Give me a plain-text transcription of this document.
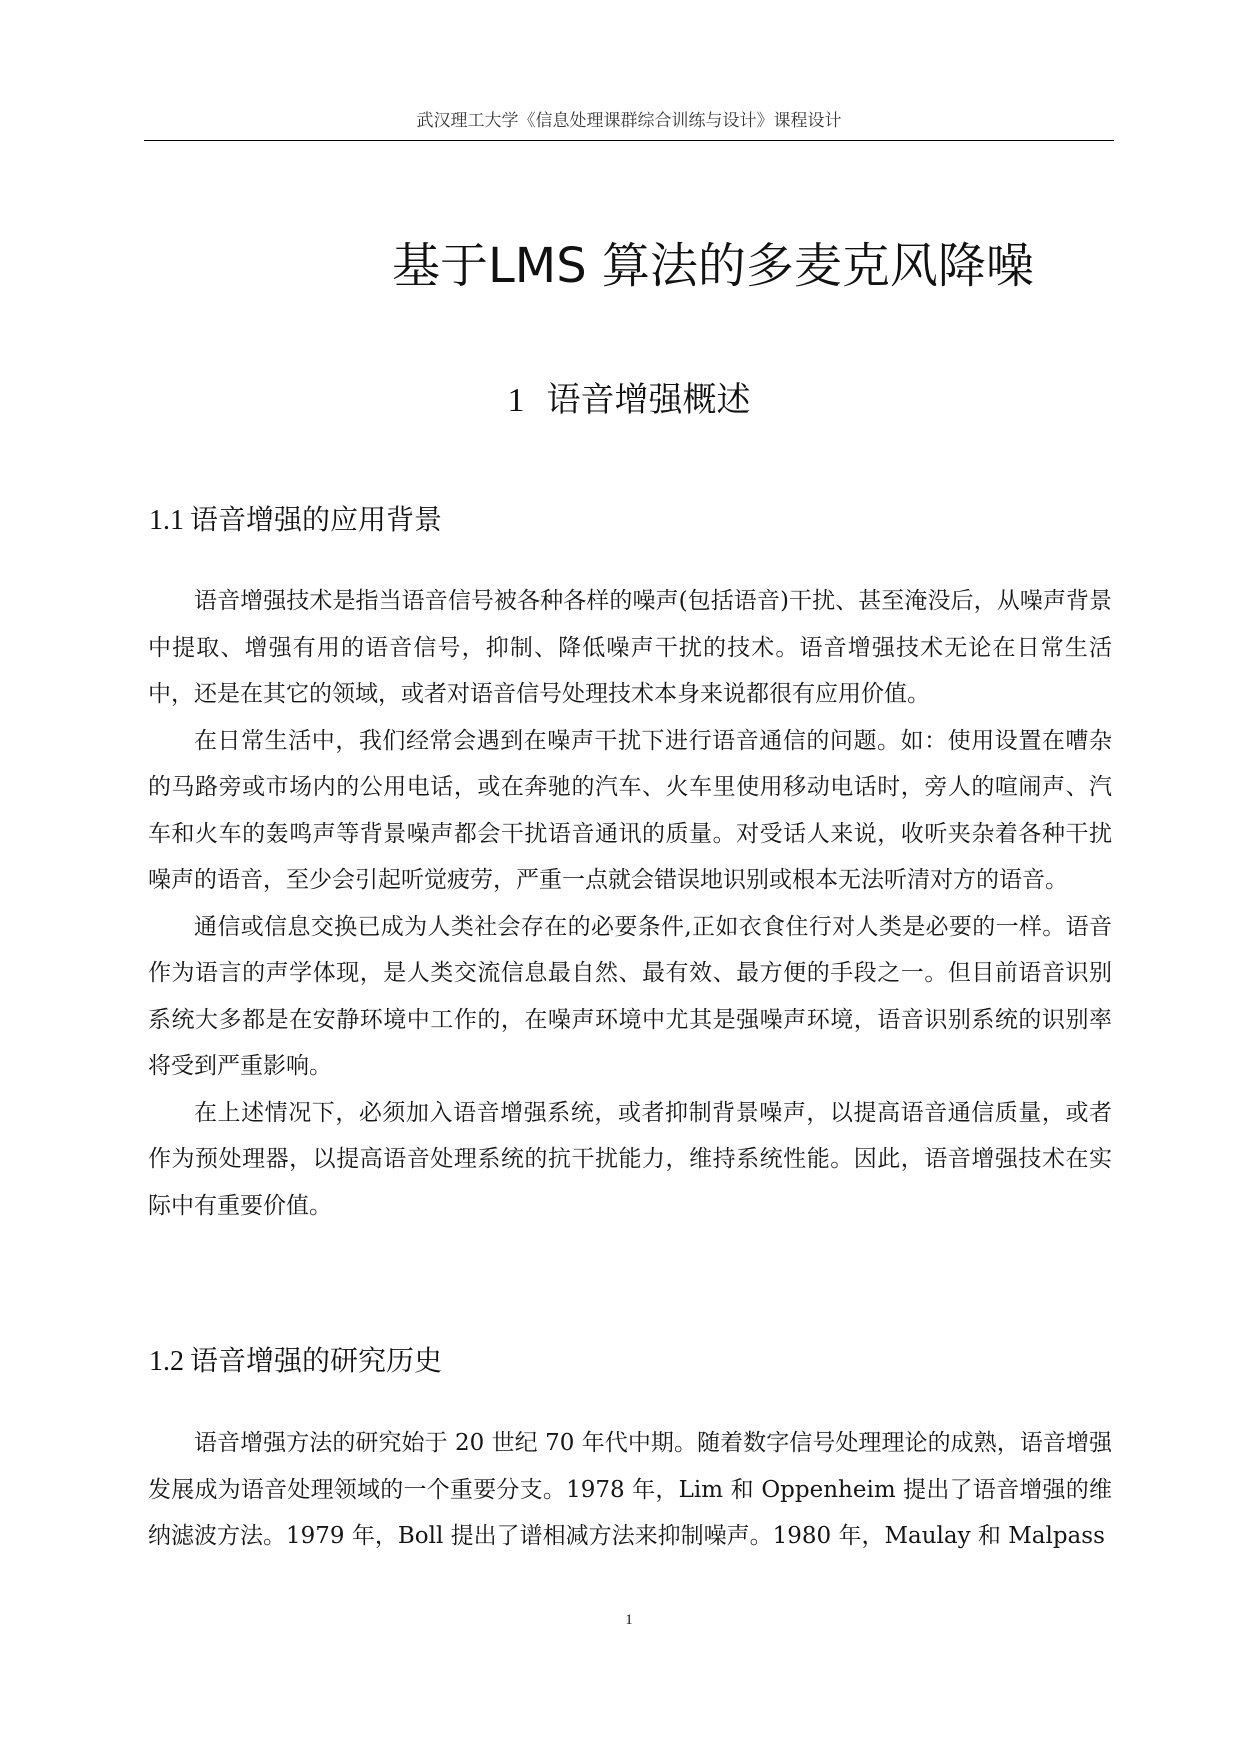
武汉理工大学《信息处理课群综合训练与设计》课程设计
基于LMS 算法的多麦克风降噪
1 语音增强概述
1.1 语音增强的应用背景

语音增强技术是指当语音信号被各种各样的噪声(包括语音)干扰、甚至淹没后，从噪声背景中提取、增强有用的语音信号，抑制、降低噪声干扰的技术。语音增强技术无论在日常生活中，还是在其它的领域，或者对语音信号处理技术本身来说都很有应用价值。

在日常生活中，我们经常会遇到在噪声干扰下进行语音通信的问题。如：使用设置在嘈杂的马路旁或市场内的公用电话，或在奔驰的汽车、火车里使用移动电话时，旁人的喧闹声、汽车和火车的轰鸣声等背景噪声都会干扰语音通讯的质量。对受话人来说，收听夹杂着各种干扰噪声的语音，至少会引起听觉疲劳，严重一点就会错误地识别或根本无法听清对方的语音。

通信或信息交换已成为人类社会存在的必要条件,正如衣食住行对人类是必要的一样。语音作为语言的声学体现，是人类交流信息最自然、最有效、最方便的手段之一。但目前语音识别系统大多都是在安静环境中工作的，在噪声环境中尤其是强噪声环境，语音识别系统的识别率将受到严重影响。

在上述情况下，必须加入语音增强系统，或者抑制背景噪声，以提高语音通信质量，或者作为预处理器，以提高语音处理系统的抗干扰能力，维持系统性能。因此，语音增强技术在实际中有重要价值。

1.2 语音增强的研究历史

语音增强方法的研究始于 20 世纪 70 年代中期。随着数字信号处理理论的成熟，语音增强发展成为语音处理领域的一个重要分支。1978 年，Lim 和 Oppenheim 提出了语音增强的维纳滤波方法。1979 年，Boll 提出了谱相减方法来抑制噪声。1980 年，Maulay 和 Malpass

1
